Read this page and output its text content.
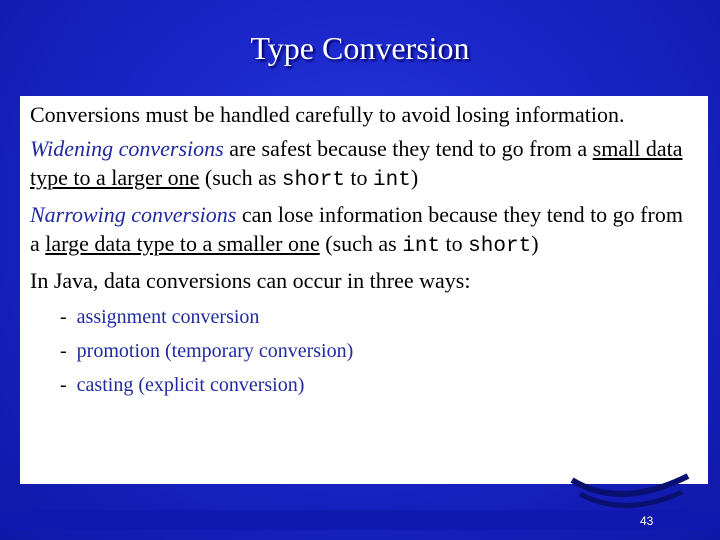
Type Conversion

Conversions must be handled carefully to avoid losing information.

Widening conversions are safest because they tend to go from a small data type to a larger one (such as short to int)

Narrowing conversions can lose information because they tend to go from a large data type to a smaller one (such as int to short)

In Java, data conversions can occur in three ways:

- assignment conversion
- promotion (temporary conversion)
- casting (explicit conversion)
43
